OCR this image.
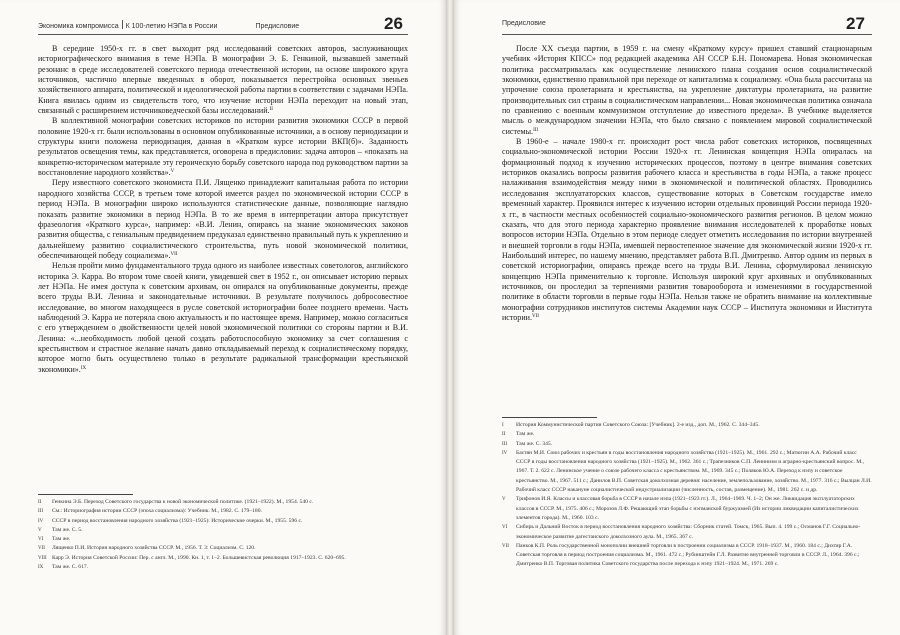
Экономика компромисса К 100-летию НЭПа в России	Предисловие	26

В середине 1950-х гг. в свет выходит ряд исследований советских авторов, заслуживающих историографического внимания в теме НЭПа. В монографии Э. Б. Генкиной, вызвавшей заметный резонанс в среде исследователей советского периода отечественной истории, на основе широкого круга источников, частично впервые введенных в оборот, показывается перестройка основных звеньев хозяйственного аппарата, политической и идеологической работы партии в соответствии с задачами НЭПа. Книга явилась одним из свидетельств того, что изучение истории НЭПа переходит на новый этап, связанный с расширением источниковедческой базы исследований.$^{II}$

В коллективной монографии советских историков по истории развития экономики СССР в первой половине 1920-х гг. были использованы в основном опубликованные источники, а в основу периодизации и структуры книги положена периодизация, данная в «Кратком курсе истории ВКП(б)». Заданность результатов освещения темы, как представляется, оговорена в предисловии: задача авторов – «показать на конкретно-историческом материале эту героическую борьбу советского народа под руководством партии за восстановление народного хозяйства».$^V$

Перу известного советского экономиста П.И. Лященко принадлежит капитальная работа по истории народного хозяйства СССР, в третьем томе которой имеется раздел по экономической истории СССР в период НЭПа. В монографии широко используются статистические данные, позволяющие наглядно показать развитие экономики в период НЭПа. В то же время в интерпретации автора присутствует фразеология «Краткого курса», например: «В.И. Ленин, опираясь на знание экономических законов развития общества, с гениальным предвидением предуказал единственно правильный путь к укреплению и дальнейшему развитию социалистического строительства, путь новой экономической политики, обеспечивающей победу социализма».$^{VII}$

Нельзя пройти мимо фундаментального труда одного из наиболее известных советологов, английского историка Э. Карра. Во втором томе своей книги, увидевшей свет в 1952 г., он описывает историю первых лет НЭПа. Не имея доступа к советским архивам, он опирался на опубликованные документы, прежде всего труды В.И. Ленина и законодательные источники. В результате получилось добросовестное исследование, во многом находящееся в русле советской историографии более позднего времени. Часть наблюдений Э. Карра не потеряла свою актуальность и по настоящее время. Например, можно согласиться с его утверждением о двойственности целей новой экономической политики со стороны партии и В.И. Ленина: «...необходимость любой ценой создать работоспособную экономику за счет соглашения с крестьянством и страстное желание начать давно откладываемый переход к социалистическому порядку, которое могло быть осуществлено только в результате радикальной трансформации крестьянской экономики».$^{IX}$

II Генкина Э.Б. Переход Советского государства к новой экономической политике. (1921–1922). М., 1954. 540 с.
III См.: Историография истории СССР (эпоха социализма): Учебник. М., 1982. С. 179–180.
IV СССР в период восстановления народного хозяйства (1921–1925): Исторические очерки. М., 1955. 596 с.
V Там же. С. 5.
VI Там же.
VII Лященко П.И. История народного хозяйства СССР. М., 1956. Т. 3: Социализм. С. 120.
VIII Карр Э. История Советской России: Пер. с англ. М., 1990. Кн. 1, т. 1–2. Большевистская революция 1917–1923. С. 620–695.
IX Там же. С. 617.
Предисловие	27

После XX съезда партии, в 1959 г. на смену «Краткому курсу» пришел ставший стационарным учебник «История КПСС» под редакцией академика АН СССР Б.Н. Пономарева. Новая экономическая политика рассматривалась как осуществление ленинского плана создания основ социалистической экономики, единственно правильной при переходе от капитализма к социализму. «Она была рассчитана на упрочение союза пролетариата и крестьянства, на укрепление диктатуры пролетариата, на развитие производительных сил страны в социалистическом направлении... Новая экономическая политика означала по сравнению с военным коммунизмом отступление до известного предела». В учебнике выделяется мысль о международном значении НЭПа, что было связано с появлением мировой социалистической системы.$^{III}$

В 1960-е – начале 1980-х гг. происходит рост числа работ советских историков, посвященных социально-экономической истории России 1920-х гг. Ленинская концепция НЭПа опиралась на формационный подход к изучению исторических процессов, поэтому в центре внимания советских историков оказались вопросы развития рабочего класса и крестьянства в годы НЭПа, а также процесс налаживания взаимодействия между ними в экономической и политической областях. Проводились исследования эксплуататорских классов, существование которых в Советском государстве имело временный характер. Проявился интерес к изучению истории отдельных провинций России периода 1920-х гг., в частности местных особенностей социально-экономического развития регионов. В целом можно сказать, что для этого периода характерно проявление внимания исследователей к проработке новых вопросов истории НЭПа. Отдельно в этом периоде следует отметить исследования по истории внутренней и внешней торговли в годы НЭПа, имевшей первостепенное значение для экономической жизни 1920-х гг. Наибольший интерес, по нашему мнению, представляет работа В.П. Дмитренко. Автор одним из первых в советской историографии, опираясь прежде всего на труды В.И. Ленина, сформулировал ленинскую концепцию НЭПа применительно к торговле. Используя широкий круг архивных и опубликованных источников, он проследил за терпениями развития товарооборота и изменениями в государственной политике в области торговли в первые годы НЭПа. Нельзя также не обратить внимание на коллективные монографии сотрудников институтов системы Академии наук СССР – Института экономики и Института истории.$^{VII}$

I История Коммунистической партии Советского Союза: [Учебник]. 2-е изд., доп. М., 1962. С. 344–345.
II Там же.
III Там же. С. 345.
IV Бастян М.И. Союз рабочих и крестьян в годы восстановления народного хозяйства (1921–1925). М., 1961. 292 с.; Матюгин А.А. Рабочий класс СССР в годы восстановления народного хозяйства (1921–1925). М., 1962. 361 с.; Трапезников С.П. Ленинизм и аграрно-крестьянский вопрос. М., 1967. Т. 2. 622 с. Ленинское учение о союзе рабочего класса с крестьянством. М., 1969. 345 с.; Поляков Ю.А. Переход к нэпу и советское крестьянство. М., 1967. 511 с.; Данилов В.П. Советская доколхозная деревня: население, землепользование, хозяйство. М., 1977. 316 с.; Вылцан Л.И. Рабочий класс СССР накануне социалистической индустриализации (численность, состав, размещение). М., 1981. 262 с. и др.
V Трифонов И.Я. Классы и классовая борьба в СССР в начале нэпа (1921–1923 гг.). Л., 1964–1969. Ч. 1–2; Он же. Ликвидация эксплуататорских классов в СССР. М., 1975. 406 с.; Морозов Л.Ф. Решающий этап борьбы с нэпманской буржуазией (Из истории ликвидации капиталистических элементов города). М., 1960. 103 с.
VI Сибирь и Дальний Восток в период восстановления народного хозяйства: Сборник статей. Томск, 1965. Вып. 4. 199 с.; Османов Г.Г. Социально-экономическое развитие дагестанского доколхозного аула. М., 1965. 367 с.
VII Панков К.П. Роль государственной монополии внешней торговли в построении социализма в СССР. 1918–1937. М., 1960. 184 с.; Дихтяр Г.А. Советская торговля в период построения социализма. М., 1961. 472 с.; Рубинштейн Г.Л. Развитие внутренней торговли в СССР. Л., 1964. 396 с.; Дмитренко В.П. Торговая политика Советского государства после перехода к нэпу 1921–1924. М., 1971. 269 с.
